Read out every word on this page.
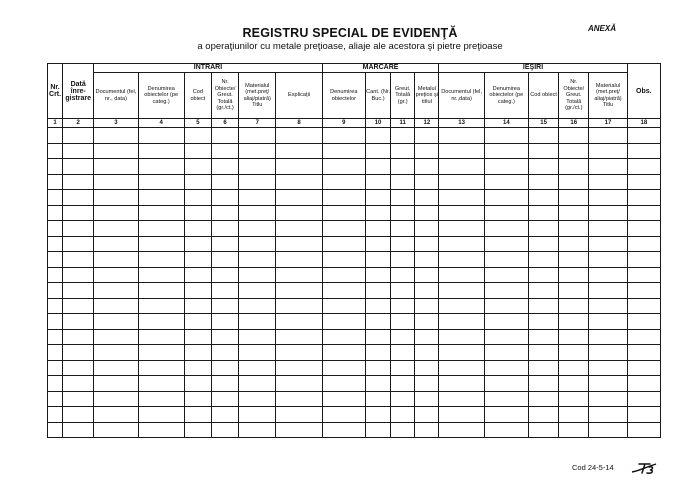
ANEXĂ
REGISTRU SPECIAL DE EVIDENŢĂ
a operaţiunilor cu metale preţioase, aliaje ale acestora şi pietre preţioase
Nr. Crt.	Dată înre- gistrare	INTRĂRI						MARCARE				IEŞIRI					Obs.
		Documentul (fel, nr., data)	Denumirea obiectelor (pe categ.)	Cod obiect	Nr. Obiecte/ Greut. Totală (gr./ct.)	Materialul (met.preţ/ aliaj/piatră) Titlu	Explicaţii	Denumirea obiectelor	Cant. (Nr. Buc.)	Greut. Totală (gr.)	Metalul preţios şi titlul	Documentul (fel, nr.,data)	Denumirea obiectelor (pe categ.)	Cod obiect	Nr. Obiecte/ Greut. Totală (gr./ct.)	Materialul (met.preţ/ aliaj/piatră) Titlu	
1	2	3	4	5	6	7	8	9	10	11	12	13	14	15	16	17	18

Cod 24-5-14
